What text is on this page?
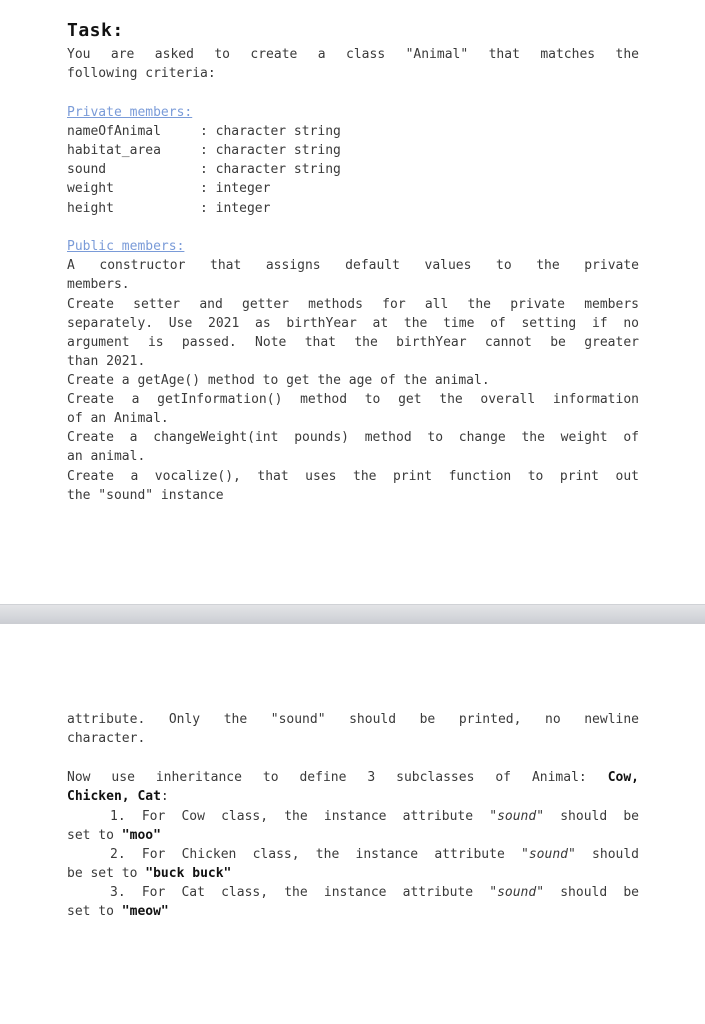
Task:
You are asked to create a class "Animal" that matches the
following criteria:
Private members:
nameOfAnimal	: character string
habitat_area	: character string
sound	: character string
weight	: integer
height	: integer
Public members:
A constructor that assigns default values to the private
members.
Create setter and getter methods for all the private members
separately. Use 2021 as birthYear at the time of setting if no
argument is passed. Note that the birthYear cannot be greater
than 2021.
Create a getAge() method to get the age of the animal.
Create a getInformation() method to get the overall information
of an Animal.
Create a changeWeight(int pounds) method to change the weight of
an animal.
Create a vocalize(), that uses the print function to print out
the "sound" instance
attribute. Only the "sound" should be printed, no newline
character.
Now use inheritance to define 3 subclasses of Animal: Cow,
Chicken, Cat:
1. For Cow class, the instance attribute "sound" should be
set to "moo"
2. For Chicken class, the instance attribute "sound" should
be set to "buck buck"
3. For Cat class, the instance attribute "sound" should be
set to "meow"
